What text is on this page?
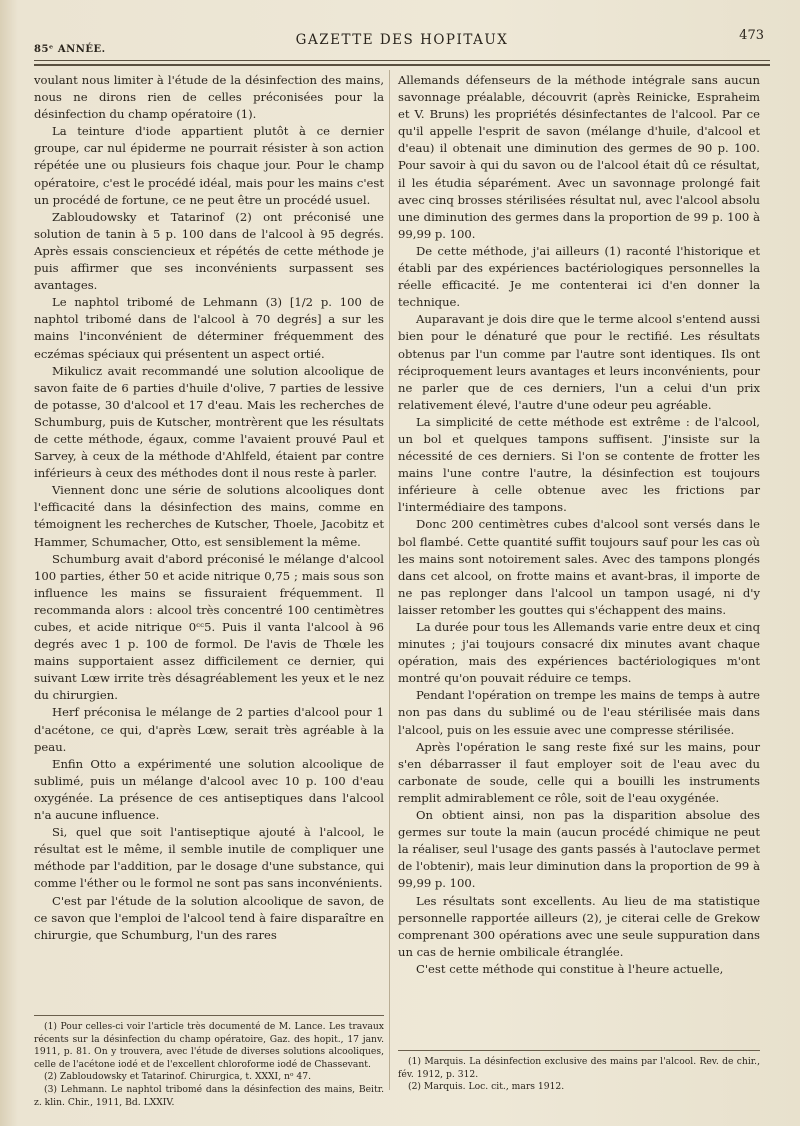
85ᵉ ANNÉE.
GAZETTE DES HOPITAUX	473

voulant nous limiter à l'étude de la désinfection des mains, nous ne dirons rien de celles préconisées pour la désinfection du champ opératoire (1).

La teinture d'iode appartient plutôt à ce dernier groupe, car nul épiderme ne pourrait résister à son action répétée une ou plusieurs fois chaque jour. Pour le champ opératoire, c'est le procédé idéal, mais pour les mains c'est un procédé de fortune, ce ne peut être un procédé usuel.

Zabloudowsky et Tatarinof (2) ont préconisé une solution de tanin à 5 p. 100 dans de l'alcool à 95 degrés. Après essais consciencieux et répétés de cette méthode je puis affirmer que ses inconvénients surpassent ses avantages.

Le naphtol tribomé de Lehmann (3) [1/2 p. 100 de naphtol tribomé dans de l'alcool à 70 degrés] a sur les mains l'inconvénient de déterminer fréquemment des eczémas spéciaux qui présentent un aspect ortié.

Mikulicz avait recommandé une solution alcoolique de savon faite de 6 parties d'huile d'olive, 7 parties de lessive de potasse, 30 d'alcool et 17 d'eau. Mais les recherches de Schumburg, puis de Kutscher, montrèrent que les résultats de cette méthode, égaux, comme l'avaient prouvé Paul et Sarvey, à ceux de la méthode d'Ahlfeld, étaient par contre inférieurs à ceux des méthodes dont il nous reste à parler.

Viennent donc une série de solutions alcooliques dont l'efficacité dans la désinfection des mains, comme en témoignent les recherches de Kutscher, Thoele, Jacobitz et Hammer, Schumacher, Otto, est sensiblement la même.

Schumburg avait d'abord préconisé le mélange d'alcool 100 parties, éther 50 et acide nitrique 0,75 ; mais sous son influence les mains se fissuraient fréquemment. Il recommanda alors : alcool très concentré 100 centimètres cubes, et acide nitrique 0ᶜᶜ5. Puis il vanta l'alcool à 96 degrés avec 1 p. 100 de formol. De l'avis de Thœle les mains supportaient assez difficilement ce dernier, qui suivant Lœw irrite très désagréablement les yeux et le nez du chirurgien.

Herf préconisa le mélange de 2 parties d'alcool pour 1 d'acétone, ce qui, d'après Lœw, serait très agréable à la peau.

Enfin Otto a expérimenté une solution alcoolique de sublimé, puis un mélange d'alcool avec 10 p. 100 d'eau oxygénée. La présence de ces antiseptiques dans l'alcool n'a aucune influence.

Si, quel que soit l'antiseptique ajouté à l'alcool, le résultat est le même, il semble inutile de compliquer une méthode par l'addition, par le dosage d'une substance, qui comme l'éther ou le formol ne sont pas sans inconvénients.

C'est par l'étude de la solution alcoolique de savon, de ce savon que l'emploi de l'alcool tend à faire disparaître en chirurgie, que Schumburg, l'un des rares

Allemands défenseurs de la méthode intégrale sans aucun savonnage préalable, découvrit (après Reinicke, Espraheim et V. Bruns) les propriétés désinfectantes de l'alcool. Par ce qu'il appelle l'esprit de savon (mélange d'huile, d'alcool et d'eau) il obtenait une diminution des germes de 90 p. 100. Pour savoir à qui du savon ou de l'alcool était dû ce résultat, il les étudia séparément. Avec un savonnage prolongé fait avec cinq brosses stérilisées résultat nul, avec l'alcool absolu une diminution des germes dans la proportion de 99 p. 100 à 99,99 p. 100.

De cette méthode, j'ai ailleurs (1) raconté l'historique et établi par des expériences bactériologiques personnelles la réelle efficacité. Je me contenterai ici d'en donner la technique.

Auparavant je dois dire que le terme alcool s'entend aussi bien pour le dénaturé que pour le rectifié. Les résultats obtenus par l'un comme par l'autre sont identiques. Ils ont réciproquement leurs avantages et leurs inconvénients, pour ne parler que de ces derniers, l'un a celui d'un prix relativement élevé, l'autre d'une odeur peu agréable.

La simplicité de cette méthode est extrême : de l'alcool, un bol et quelques tampons suffisent. J'insiste sur la nécessité de ces derniers. Si l'on se contente de frotter les mains l'une contre l'autre, la désinfection est toujours inférieure à celle obtenue avec les frictions par l'intermédiaire des tampons.

Donc 200 centimètres cubes d'alcool sont versés dans le bol flambé. Cette quantité suffit toujours sauf pour les cas où les mains sont notoirement sales. Avec des tampons plongés dans cet alcool, on frotte mains et avant-bras, il importe de ne pas replonger dans l'alcool un tampon usagé, ni d'y laisser retomber les gouttes qui s'échappent des mains.

La durée pour tous les Allemands varie entre deux et cinq minutes ; j'ai toujours consacré dix minutes avant chaque opération, mais des expériences bactériologiques m'ont montré qu'on pouvait réduire ce temps.

Pendant l'opération on trempe les mains de temps à autre non pas dans du sublimé ou de l'eau stérilisée mais dans l'alcool, puis on les essuie avec une compresse stérilisée.

Après l'opération le sang reste fixé sur les mains, pour s'en débarrasser il faut employer soit de l'eau avec du carbonate de soude, celle qui a bouilli les instruments remplit admirablement ce rôle, soit de l'eau oxygénée.

On obtient ainsi, non pas la disparition absolue des germes sur toute la main (aucun procédé chimique ne peut la réaliser, seul l'usage des gants passés à l'autoclave permet de l'obtenir), mais leur diminution dans la proportion de 99 à 99,99 p. 100.

Les résultats sont excellents. Au lieu de ma statistique personnelle rapportée ailleurs (2), je citerai celle de Grekow comprenant 300 opérations avec une seule suppuration dans un cas de hernie ombilicale étranglée.

C'est cette méthode qui constitue à l'heure actuelle,

(1) Pour celles-ci voir l'article très documenté de M. Lance. Les travaux récents sur la désinfection du champ opératoire, Gaz. des hopit., 17 janv. 1911, p. 81. On y trouvera, avec l'étude de diverses solutions alcooliques, celle de l'acétone iodé et de l'excellent chloroforme iodé de Chassevant.

(2) Zabloudowsky et Tatarinof. Chirurgica, t. XXXI, nᵒ 47.

(3) Lehmann. Le naphtol tribomé dans la désinfection des mains, Beitr. z. klin. Chir., 1911, Bd. LXXIV.

(1) Marquis. La désinfection exclusive des mains par l'alcool. Rev. de chir., fév. 1912, p. 312.

(2) Marquis. Loc. cit., mars 1912.
